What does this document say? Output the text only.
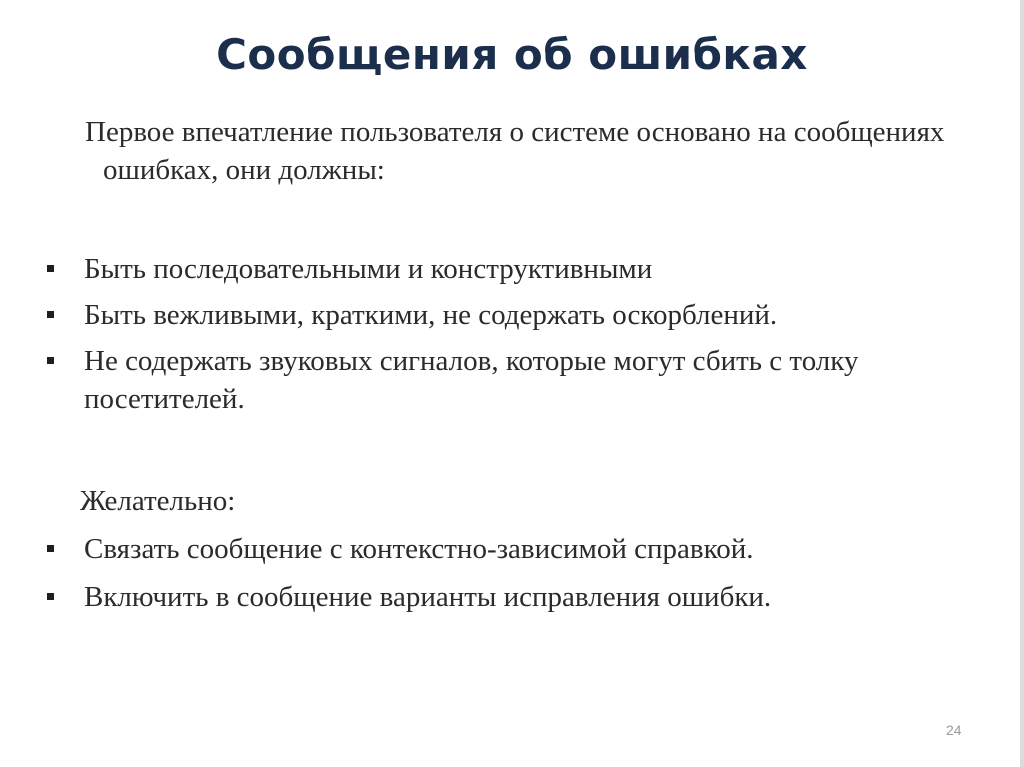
Сообщения об ошибках
Первое впечатление пользователя о системе основано на сообщениях ошибках, они должны:
Быть последовательными и конструктивными
Быть вежливыми, краткими, не содержать оскорблений.
Не содержать звуковых сигналов, которые могут сбить с толку посетителей.
Желательно:
Связать сообщение с контекстно-зависимой справкой.
Включить в сообщение варианты исправления ошибки.
24
